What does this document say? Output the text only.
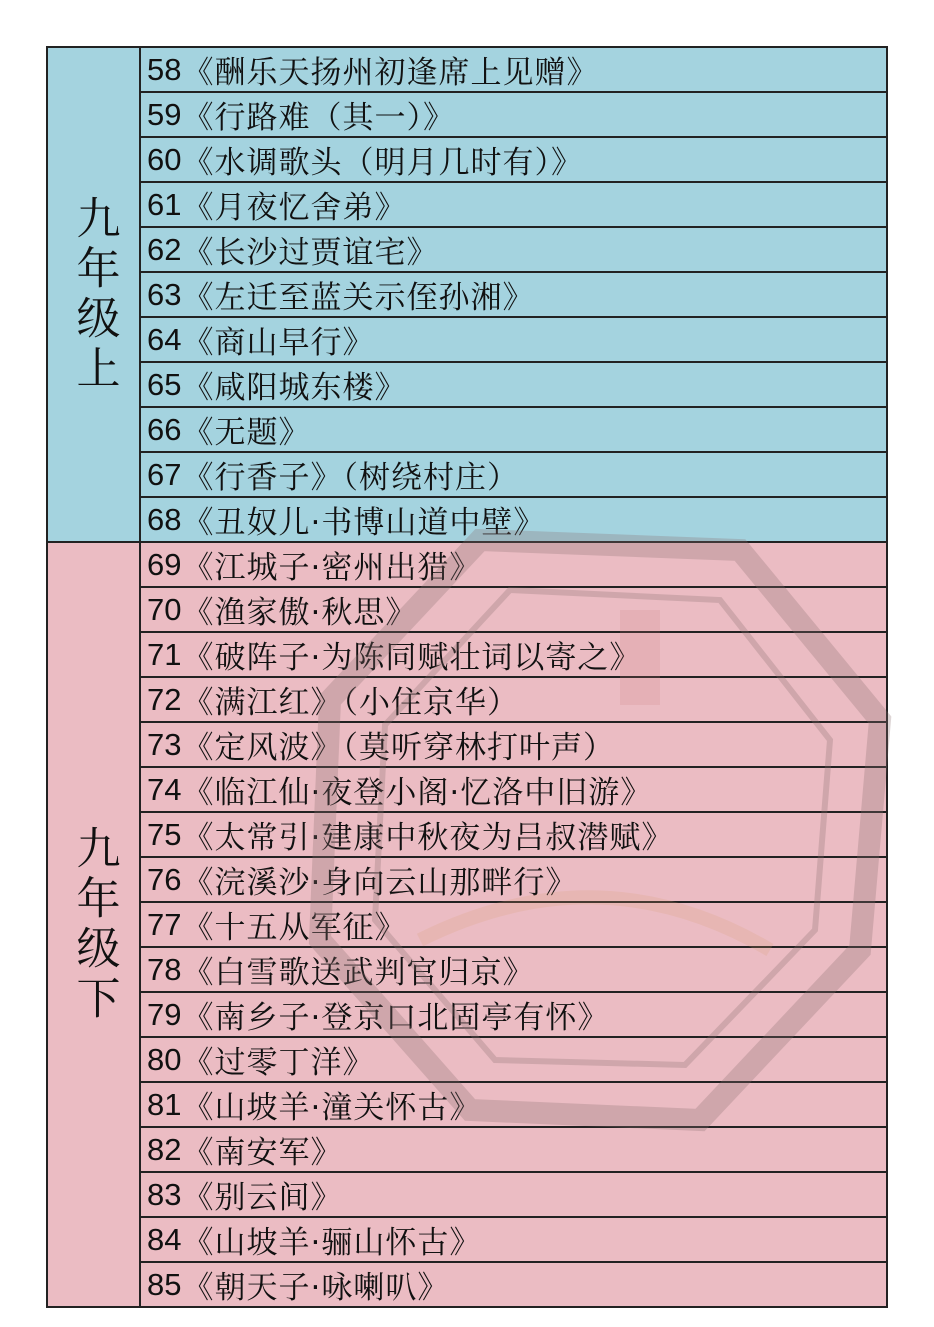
九年级上
58 《酬乐天扬州初逢席上见赠》
59 《行路难（其一）》
60 《水调歌头（明月几时有）》
61 《月夜忆舍弟》
62 《长沙过贾谊宅》
63 《左迁至蓝关示侄孙湘》
64 《商山早行》
65 《咸阳城东楼》
66 《无题》
67 《行香子》（树绕村庄）
68 《丑奴儿·书博山道中壁》
九年级下
69 《江城子·密州出猎》
70 《渔家傲·秋思》
71 《破阵子·为陈同赋壮词以寄之》
72 《满江红》（小住京华）
73 《定风波》（莫听穿林打叶声）
74 《临江仙·夜登小阁·忆洛中旧游》
75 《太常引·建康中秋夜为吕叔潜赋》
76 《浣溪沙·身向云山那畔行》
77 《十五从军征》
78 《白雪歌送武判官归京》
79 《南乡子·登京口北固亭有怀》
80 《过零丁洋》
81 《山坡羊·潼关怀古》
82 《南安军》
83 《别云间》
84 《山坡羊·骊山怀古》
85 《朝天子·咏喇叭》
